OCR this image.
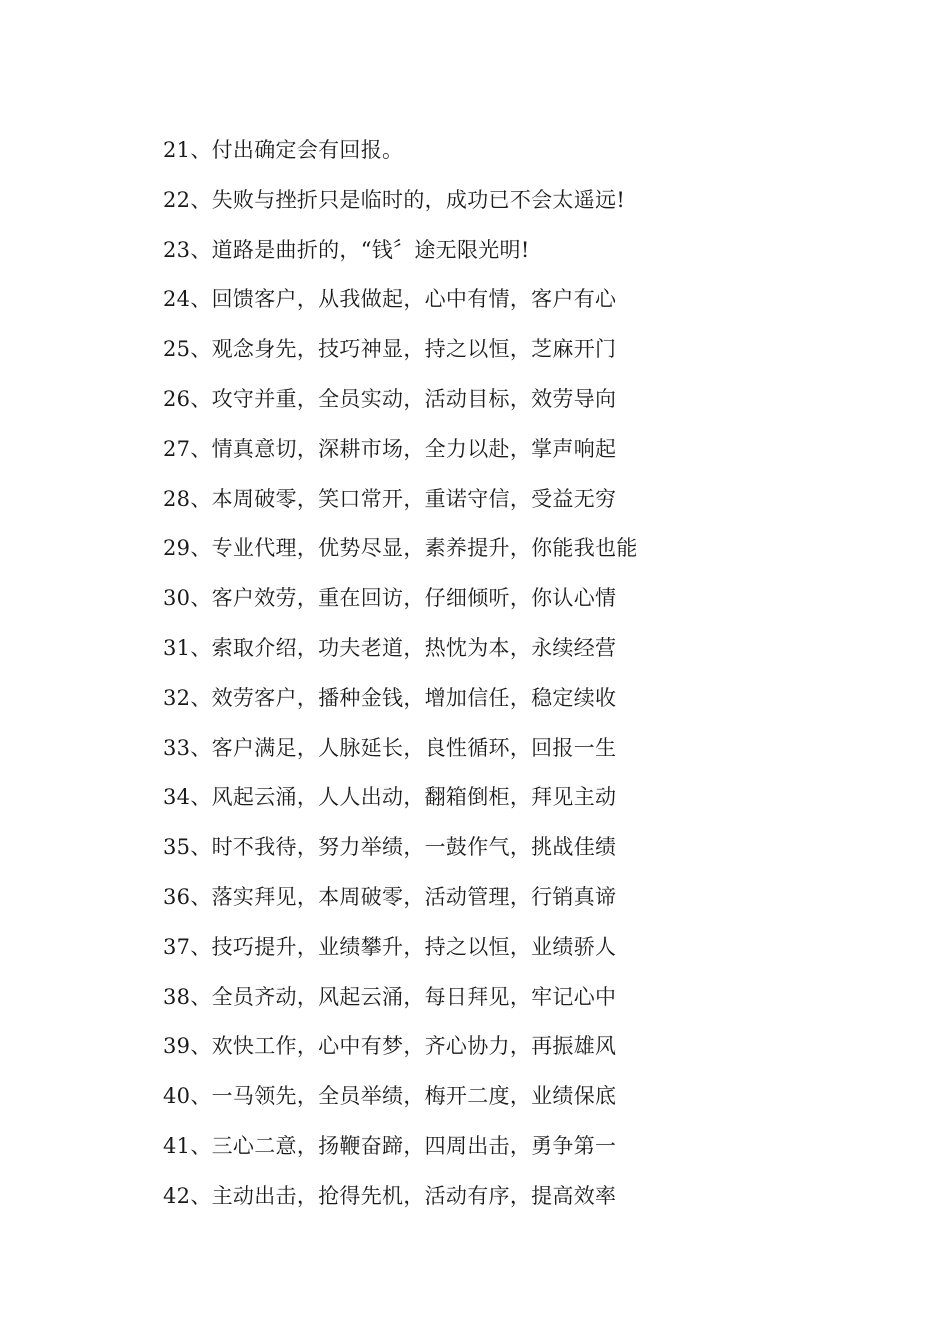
21、付出确定会有回报。
22、失败与挫折只是临时的，成功已不会太遥远!
23、道路是曲折的，“钱〞途无限光明!
24、回馈客户，从我做起，心中有情，客户有心
25、观念身先，技巧神显，持之以恒，芝麻开门
26、攻守并重，全员实动，活动目标，效劳导向
27、情真意切，深耕市场，全力以赴，掌声响起
28、本周破零，笑口常开，重诺守信，受益无穷
29、专业代理，优势尽显，素养提升，你能我也能
30、客户效劳，重在回访，仔细倾听，你认心情
31、索取介绍，功夫老道，热忱为本，永续经营
32、效劳客户，播种金钱，增加信任，稳定续收
33、客户满足，人脉延长，良性循环，回报一生
34、风起云涌，人人出动，翻箱倒柜，拜见主动
35、时不我待，努力举绩，一鼓作气，挑战佳绩
36、落实拜见，本周破零，活动管理，行销真谛
37、技巧提升，业绩攀升，持之以恒，业绩骄人
38、全员齐动，风起云涌，每日拜见，牢记心中
39、欢快工作，心中有梦，齐心协力，再振雄风
40、一马领先，全员举绩，梅开二度，业绩保底
41、三心二意，扬鞭奋蹄，四周出击，勇争第一
42、主动出击，抢得先机，活动有序，提高效率
